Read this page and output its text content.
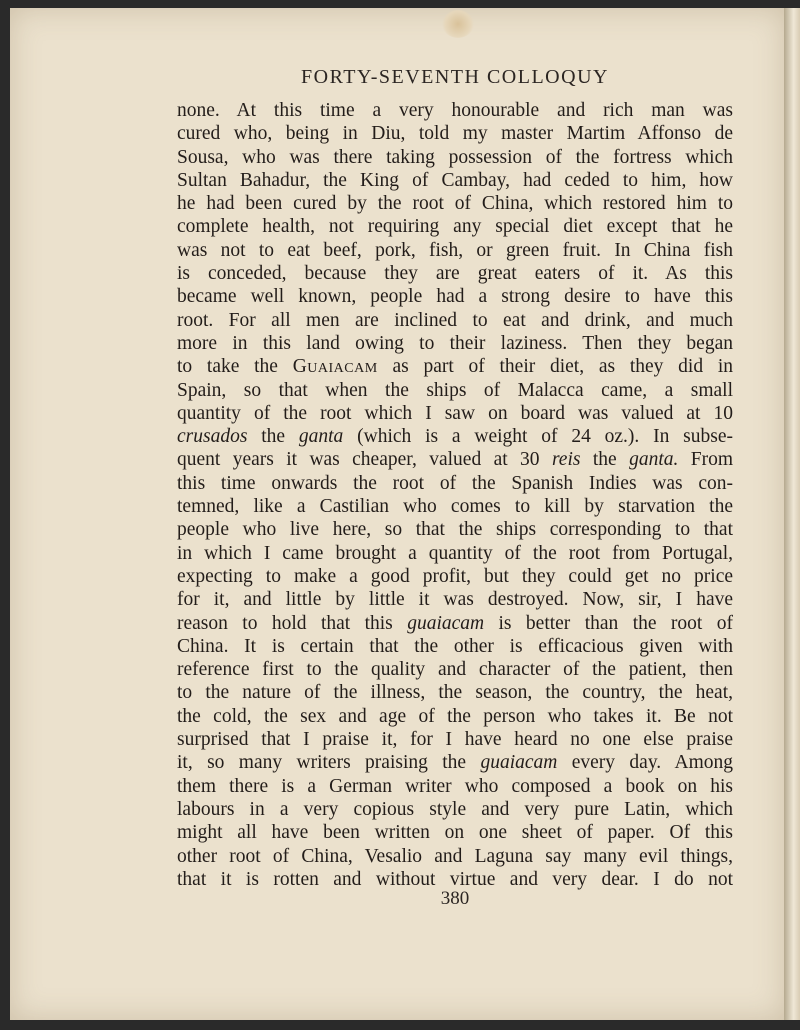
FORTY-SEVENTH COLLOQUY
none. At this time a very honourable and rich man was
cured who, being in Diu, told my master Martim Affonso de
Sousa, who was there taking possession of the fortress which
Sultan Bahadur, the King of Cambay, had ceded to him, how
he had been cured by the root of China, which restored him to
complete health, not requiring any special diet except that he
was not to eat beef, pork, fish, or green fruit. In China fish
is conceded, because they are great eaters of it. As this
became well known, people had a strong desire to have this
root. For all men are inclined to eat and drink, and much
more in this land owing to their laziness. Then they began
to take the Guaiacam as part of their diet, as they did in
Spain, so that when the ships of Malacca came, a small
quantity of the root which I saw on board was valued at 10
crusados the ganta (which is a weight of 24 oz.). In subse-
quent years it was cheaper, valued at 30 reis the ganta. From
this time onwards the root of the Spanish Indies was con-
temned, like a Castilian who comes to kill by starvation the
people who live here, so that the ships corresponding to that
in which I came brought a quantity of the root from Portugal,
expecting to make a good profit, but they could get no price
for it, and little by little it was destroyed. Now, sir, I have
reason to hold that this guaiacam is better than the root of
China. It is certain that the other is efficacious given with
reference first to the quality and character of the patient, then
to the nature of the illness, the season, the country, the heat,
the cold, the sex and age of the person who takes it. Be not
surprised that I praise it, for I have heard no one else praise
it, so many writers praising the guaiacam every day. Among
them there is a German writer who composed a book on his
labours in a very copious style and very pure Latin, which
might all have been written on one sheet of paper. Of this
other root of China, Vesalio and Laguna say many evil things,
that it is rotten and without virtue and very dear. I do not
380
